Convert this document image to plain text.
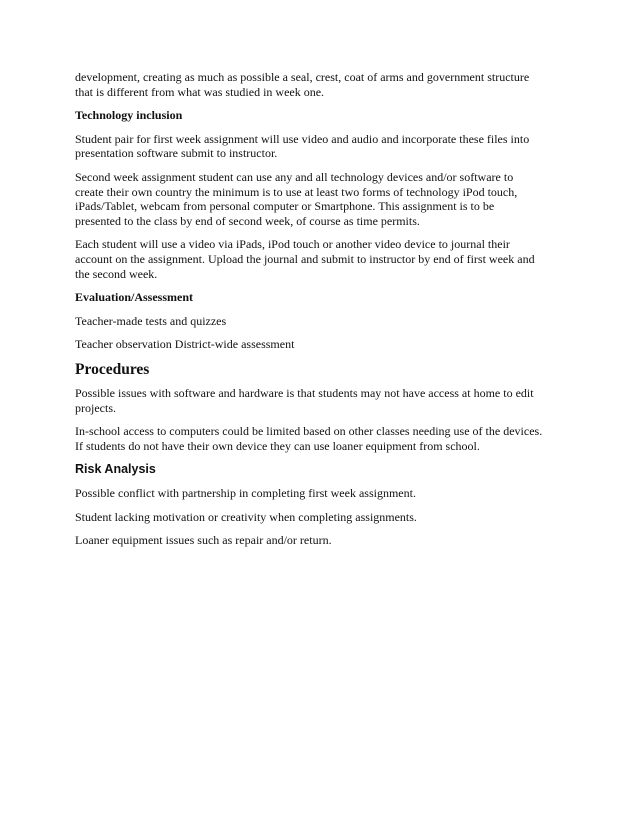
development, creating as much as possible a seal, crest, coat of arms and government structure
that is different from what was studied in week one.

Technology inclusion

Student pair for first week assignment will use video and audio and incorporate these files into
presentation software submit to instructor.

Second week assignment student can use any and all technology devices and/or software to
create their own country the minimum is to use at least two forms of technology iPod touch,
iPads/Tablet, webcam from personal computer or Smartphone. This assignment is to be
presented to the class by end of second week, of course as time permits.

Each student will use a video via iPads, iPod touch or another video device to journal their
account on the assignment. Upload the journal and submit to instructor by end of first week and
the second week.

Evaluation/Assessment

Teacher-made tests and quizzes

Teacher observation District-wide assessment

Procedures

Possible issues with software and hardware is that students may not have access at home to edit
projects.

In-school access to computers could be limited based on other classes needing use of the devices.
If students do not have their own device they can use loaner equipment from school.

Risk Analysis

Possible conflict with partnership in completing first week assignment.

Student lacking motivation or creativity when completing assignments.

Loaner equipment issues such as repair and/or return.
